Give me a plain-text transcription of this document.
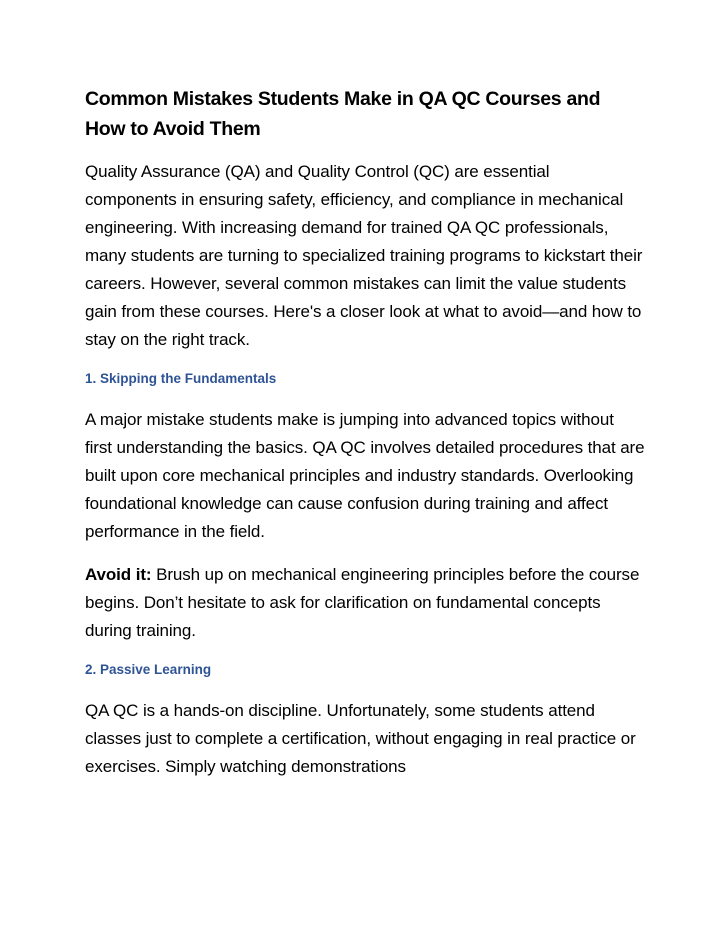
Common Mistakes Students Make in QA QC Courses and How to Avoid Them

Quality Assurance (QA) and Quality Control (QC) are essential components in ensuring safety, efficiency, and compliance in mechanical engineering. With increasing demand for trained QA QC professionals, many students are turning to specialized training programs to kickstart their careers. However, several common mistakes can limit the value students gain from these courses. Here's a closer look at what to avoid—and how to stay on the right track.

1. Skipping the Fundamentals

A major mistake students make is jumping into advanced topics without first understanding the basics. QA QC involves detailed procedures that are built upon core mechanical principles and industry standards. Overlooking foundational knowledge can cause confusion during training and affect performance in the field.

Avoid it: Brush up on mechanical engineering principles before the course begins. Don’t hesitate to ask for clarification on fundamental concepts during training.

2. Passive Learning

QA QC is a hands-on discipline. Unfortunately, some students attend classes just to complete a certification, without engaging in real practice or exercises. Simply watching demonstrations
